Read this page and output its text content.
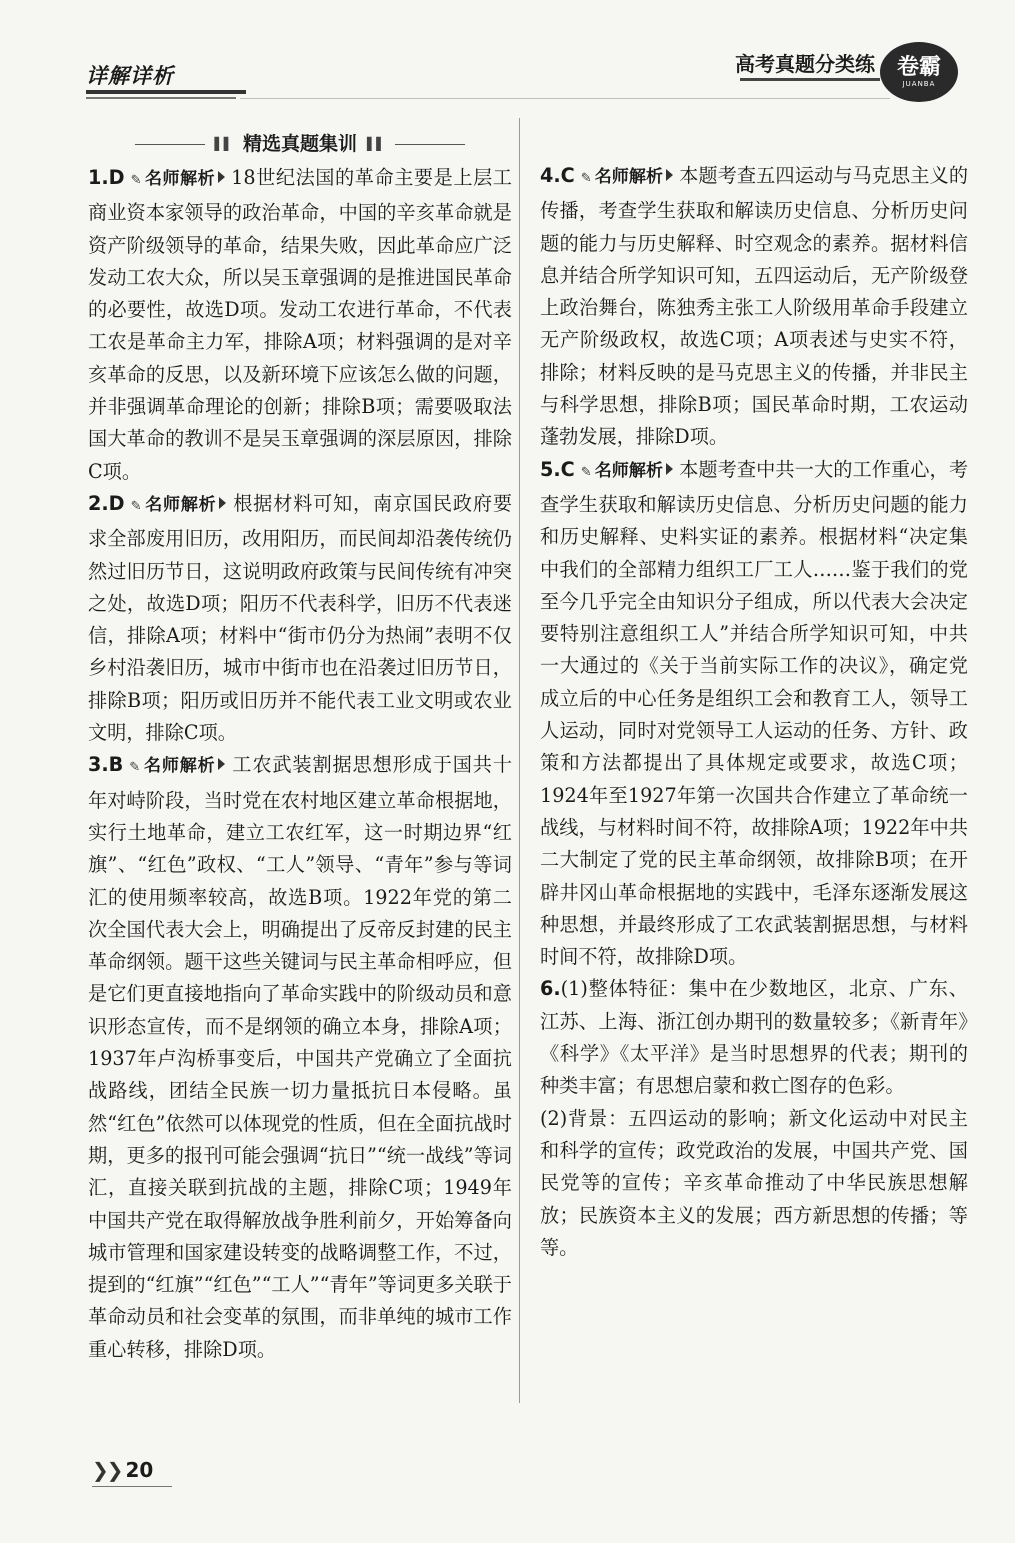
详解详析	高考真题分类练 卷霸
JUANBA
▌▌ 精选真题集训 ▌▌

1.D ✎ 名师解析 18世纪法国的革命主要是上层工商业资本家领导的政治革命，中国的辛亥革命就是资产阶级领导的革命，结果失败，因此革命应广泛发动工农大众，所以吴玉章强调的是推进国民革命的必要性，故选D项。发动工农进行革命，不代表工农是革命主力军，排除A项；材料强调的是对辛亥革命的反思，以及新环境下应该怎么做的问题，并非强调革命理论的创新；排除B项；需要吸取法国大革命的教训不是吴玉章强调的深层原因，排除C项。

2.D ✎ 名师解析 根据材料可知，南京国民政府要求全部废用旧历，改用阳历，而民间却沿袭传统仍然过旧历节日，这说明政府政策与民间传统有冲突之处，故选D项；阳历不代表科学，旧历不代表迷信，排除A项；材料中“街市仍分为热闹”表明不仅乡村沿袭旧历，城市中街市也在沿袭过旧历节日，排除B项；阳历或旧历并不能代表工业文明或农业文明，排除C项。

3.B ✎ 名师解析 工农武装割据思想形成于国共十年对峙阶段，当时党在农村地区建立革命根据地，实行土地革命，建立工农红军，这一时期边界“红旗”、“红色”政权、“工人”领导、“青年”参与等词汇的使用频率较高，故选B项。1922年党的第二次全国代表大会上，明确提出了反帝反封建的民主革命纲领。题干这些关键词与民主革命相呼应，但是它们更直接地指向了革命实践中的阶级动员和意识形态宣传，而不是纲领的确立本身，排除A项；1937年卢沟桥事变后，中国共产党确立了全面抗战路线，团结全民族一切力量抵抗日本侵略。虽然“红色”依然可以体现党的性质，但在全面抗战时期，更多的报刊可能会强调“抗日”“统一战线”等词汇，直接关联到抗战的主题，排除C项；1949年中国共产党在取得解放战争胜利前夕，开始筹备向城市管理和国家建设转变的战略调整工作，不过，提到的“红旗”“红色”“工人”“青年”等词更多关联于革命动员和社会变革的氛围，而非单纯的城市工作重心转移，排除D项。

4.C ✎ 名师解析 本题考查五四运动与马克思主义的传播，考查学生获取和解读历史信息、分析历史问题的能力与历史解释、时空观念的素养。据材料信息并结合所学知识可知，五四运动后，无产阶级登上政治舞台，陈独秀主张工人阶级用革命手段建立无产阶级政权，故选C项；A项表述与史实不符，排除；材料反映的是马克思主义的传播，并非民主与科学思想，排除B项；国民革命时期，工农运动蓬勃发展，排除D项。

5.C ✎ 名师解析 本题考查中共一大的工作重心，考查学生获取和解读历史信息、分析历史问题的能力和历史解释、史料实证的素养。根据材料“决定集中我们的全部精力组织工厂工人……鉴于我们的党至今几乎完全由知识分子组成，所以代表大会决定要特别注意组织工人”并结合所学知识可知，中共一大通过的《关于当前实际工作的决议》，确定党成立后的中心任务是组织工会和教育工人，领导工人运动，同时对党领导工人运动的任务、方针、政策和方法都提出了具体规定或要求，故选C项；1924年至1927年第一次国共合作建立了革命统一战线，与材料时间不符，故排除A项；1922年中共二大制定了党的民主革命纲领，故排除B项；在开辟井冈山革命根据地的实践中，毛泽东逐渐发展这种思想，并最终形成了工农武装割据思想，与材料时间不符，故排除D项。

6.(1)整体特征：集中在少数地区，北京、广东、江苏、上海、浙江创办期刊的数量较多；《新青年》《科学》《太平洋》是当时思想界的代表；期刊的种类丰富；有思想启蒙和救亡图存的色彩。

(2)背景：五四运动的影响；新文化运动中对民主和科学的宣传；政党政治的发展，中国共产党、国民党等的宣传；辛亥革命推动了中华民族思想解放；民族资本主义的发展；西方新思想的传播；等等。

❯❯ 20
